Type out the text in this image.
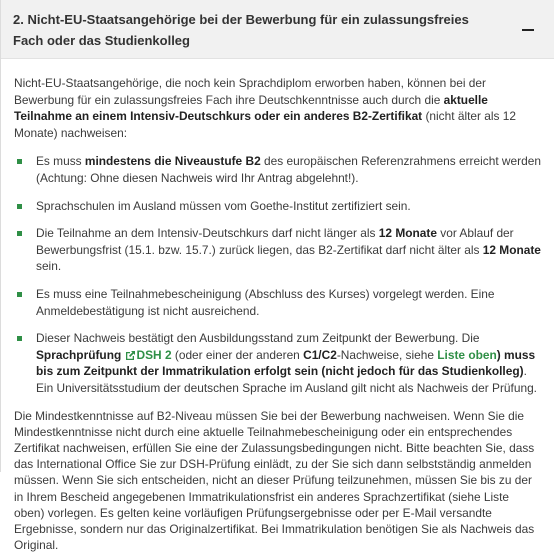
2. Nicht-EU-Staatsangehörige bei der Bewerbung für ein zulassungsfreies Fach oder das Studienkolleg

Nicht-EU-Staatsangehörige, die noch kein Sprachdiplom erworben haben, können bei der Bewerbung für ein zulassungsfreies Fach ihre Deutschkenntnisse auch durch die aktuelle Teilnahme an einem Intensiv-Deutschkurs oder ein anderes B2-Zertifikat (nicht älter als 12 Monate) nachweisen:

Es muss mindestens die Niveaustufe B2 des europäischen Referenzrahmens erreicht werden (Achtung: Ohne diesen Nachweis wird Ihr Antrag abgelehnt!).
Sprachschulen im Ausland müssen vom Goethe-Institut zertifiziert sein.
Die Teilnahme an dem Intensiv-Deutschkurs darf nicht länger als 12 Monate vor Ablauf der Bewerbungsfrist (15.1. bzw. 15.7.) zurück liegen, das B2-Zertifikat darf nicht älter als 12 Monate sein.
Es muss eine Teilnahmebescheinigung (Abschluss des Kurses) vorgelegt werden. Eine Anmeldebestätigung ist nicht ausreichend.
Dieser Nachweis bestätigt den Ausbildungsstand zum Zeitpunkt der Bewerbung. Die Sprachprüfung DSH 2 (oder einer der anderen C1/C2-Nachweise, siehe Liste oben) muss bis zum Zeitpunkt der Immatrikulation erfolgt sein (nicht jedoch für das Studienkolleg). Ein Universitätsstudium der deutschen Sprache im Ausland gilt nicht als Nachweis der Prüfung.

Die Mindestkenntnisse auf B2-Niveau müssen Sie bei der Bewerbung nachweisen. Wenn Sie die Mindestkenntnisse nicht durch eine aktuelle Teilnahmebescheinigung oder ein entsprechendes Zertifikat nachweisen, erfüllen Sie eine der Zulassungsbedingungen nicht. Bitte beachten Sie, dass das International Office Sie zur DSH-Prüfung einlädt, zu der Sie sich dann selbstständig anmelden müssen. Wenn Sie sich entscheiden, nicht an dieser Prüfung teilzunehmen, müssen Sie bis zu der in Ihrem Bescheid angegebenen Immatrikulationsfrist ein anderes Sprachzertifikat (siehe Liste oben) vorlegen. Es gelten keine vorläufigen Prüfungsergebnisse oder per E-Mail versandte Ergebnisse, sondern nur das Originalzertifikat. Bei Immatrikulation benötigen Sie als Nachweis das Original.
